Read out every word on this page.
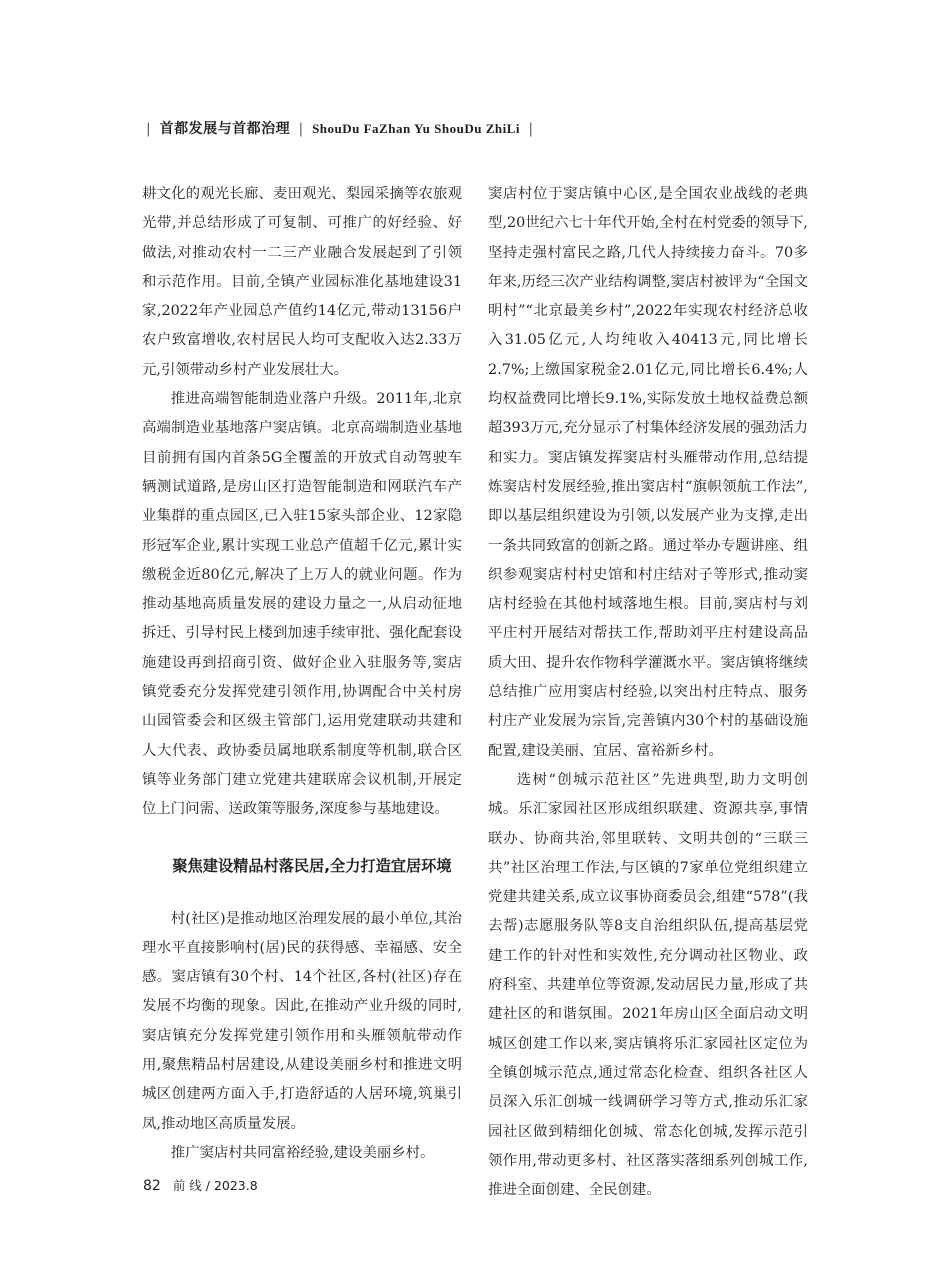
| 首都发展与首都治理 | ShouDu FaZhan Yu ShouDu ZhiLi |

耕文化的观光长廊、麦田观光、梨园采摘等农旅观光带,并总结形成了可复制、可推广的好经验、好做法,对推动农村一二三产业融合发展起到了引领和示范作用。目前,全镇产业园标准化基地建设31家,2022年产业园总产值约14亿元,带动13156户农户致富增收,农村居民人均可支配收入达2.33万元,引领带动乡村产业发展壮大。

推进高端智能制造业落户升级。2011年,北京高端制造业基地落户窦店镇。北京高端制造业基地目前拥有国内首条5G全覆盖的开放式自动驾驶车辆测试道路,是房山区打造智能制造和网联汽车产业集群的重点园区,已入驻15家头部企业、12家隐形冠军企业,累计实现工业总产值超千亿元,累计实缴税金近80亿元,解决了上万人的就业问题。作为推动基地高质量发展的建设力量之一,从启动征地拆迁、引导村民上楼到加速手续审批、强化配套设施建设再到招商引资、做好企业入驻服务等,窦店镇党委充分发挥党建引领作用,协调配合中关村房山园管委会和区级主管部门,运用党建联动共建和人大代表、政协委员属地联系制度等机制,联合区镇等业务部门建立党建共建联席会议机制,开展定位上门问需、送政策等服务,深度参与基地建设。

聚焦建设精品村落民居,全力打造宜居环境

村(社区)是推动地区治理发展的最小单位,其治理水平直接影响村(居)民的获得感、幸福感、安全感。窦店镇有30个村、14个社区,各村(社区)存在发展不均衡的现象。因此,在推动产业升级的同时,窦店镇充分发挥党建引领作用和头雁领航带动作用,聚焦精品村居建设,从建设美丽乡村和推进文明城区创建两方面入手,打造舒适的人居环境,筑巢引凤,推动地区高质量发展。

推广窦店村共同富裕经验,建设美丽乡村。

窦店村位于窦店镇中心区,是全国农业战线的老典型,20世纪六七十年代开始,全村在村党委的领导下,坚持走强村富民之路,几代人持续接力奋斗。70多年来,历经三次产业结构调整,窦店村被评为“全国文明村”“北京最美乡村”,2022年实现农村经济总收入31.05亿元,人均纯收入40413元,同比增长2.7%;上缴国家税金2.01亿元,同比增长6.4%;人均权益费同比增长9.1%,实际发放土地权益费总额超393万元,充分显示了村集体经济发展的强劲活力和实力。窦店镇发挥窦店村头雁带动作用,总结提炼窦店村发展经验,推出窦店村“旗帜领航工作法”,即以基层组织建设为引领,以发展产业为支撑,走出一条共同致富的创新之路。通过举办专题讲座、组织参观窦店村村史馆和村庄结对子等形式,推动窦店村经验在其他村域落地生根。目前,窦店村与刘平庄村开展结对帮扶工作,帮助刘平庄村建设高品质大田、提升农作物科学灌溉水平。窦店镇将继续总结推广应用窦店村经验,以突出村庄特点、服务村庄产业发展为宗旨,完善镇内30个村的基础设施配置,建设美丽、宜居、富裕新乡村。

选树“创城示范社区”先进典型,助力文明创城。乐汇家园社区形成组织联建、资源共享,事情联办、协商共治,邻里联转、文明共创的“三联三共”社区治理工作法,与区镇的7家单位党组织建立党建共建关系,成立议事协商委员会,组建“578”(我去帮)志愿服务队等8支自治组织队伍,提高基层党建工作的针对性和实效性,充分调动社区物业、政府科室、共建单位等资源,发动居民力量,形成了共建社区的和谐氛围。2021年房山区全面启动文明城区创建工作以来,窦店镇将乐汇家园社区定位为全镇创城示范点,通过常态化检查、组织各社区人员深入乐汇创城一线调研学习等方式,推动乐汇家园社区做到精细化创城、常态化创城,发挥示范引领作用,带动更多村、社区落实落细系列创城工作,推进全面创建、全民创建。

82 前 线 / 2023.8
